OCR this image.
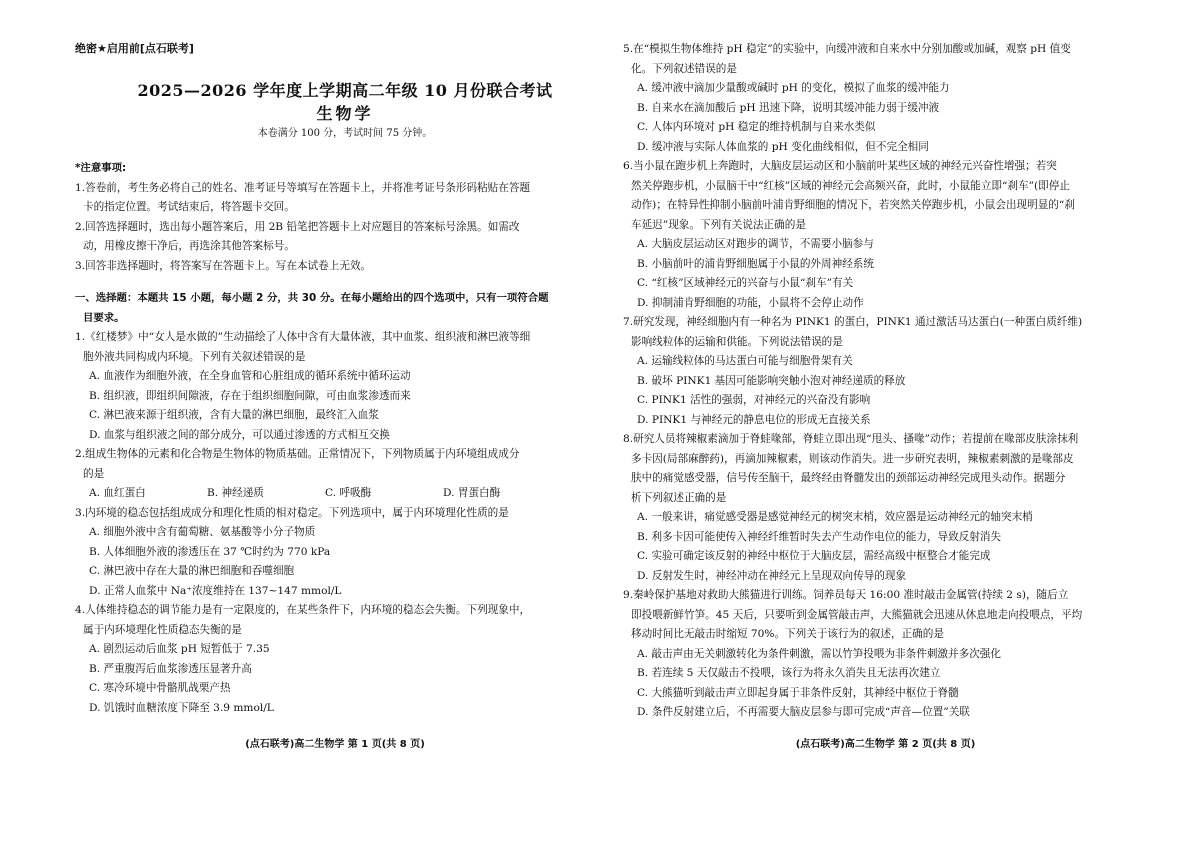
绝密★启用前[点石联考]
2025—2026 学年度上学期高二年级 10 月份联合考试
生物学

本卷满分 100 分，考试时间 75 分钟。

*注意事项:

1.答卷前，考生务必将自己的姓名、准考证号等填写在答题卡上，并将准考证号条形码粘贴在答题

卡的指定位置。考试结束后，将答题卡交回。

2.回答选择题时，选出每小题答案后，用 2B 铅笔把答题卡上对应题目的答案标号涂黑。如需改

动，用橡皮擦干净后，再选涂其他答案标号。

3.回答非选择题时，将答案写在答题卡上。写在本试卷上无效。

一、选择题：本题共 15 小题，每小题 2 分，共 30 分。在每小题给出的四个选项中，只有一项符合题

目要求。

1.《红楼梦》中“女人是水做的”生动描绘了人体中含有大量体液，其中血浆、组织液和淋巴液等细

胞外液共同构成内环境。下列有关叙述错误的是

A. 血液作为细胞外液，在全身血管和心脏组成的循环系统中循环运动

B. 组织液，即组织间隙液，存在于组织细胞间隙，可由血浆渗透而来

C. 淋巴液来源于组织液，含有大量的淋巴细胞，最终汇入血浆

D. 血浆与组织液之间的部分成分，可以通过渗透的方式相互交换

2.组成生物体的元素和化合物是生物体的物质基础。正常情况下，下列物质属于内环境组成成分

的是

A. 血红蛋白	B. 神经递质	C. 呼吸酶	D. 胃蛋白酶

3.内环境的稳态包括组成成分和理化性质的相对稳定。下列选项中，属于内环境理化性质的是

A. 细胞外液中含有葡萄糖、氨基酸等小分子物质

B. 人体细胞外液的渗透压在 37 ℃时约为 770 kPa

C. 淋巴液中存在大量的淋巴细胞和吞噬细胞

D. 正常人血浆中 Na⁺浓度维持在 137~147 mmol/L

4.人体维持稳态的调节能力是有一定限度的，在某些条件下，内环境的稳态会失衡。下列现象中，

属于内环境理化性质稳态失衡的是

A. 剧烈运动后血浆 pH 短暂低于 7.35

B. 严重腹泻后血浆渗透压显著升高

C. 寒冷环境中骨骼肌战栗产热

D. 饥饿时血糖浓度下降至 3.9 mmol/L

(点石联考)高二生物学 第 1 页(共 8 页)

5.在“模拟生物体维持 pH 稳定”的实验中，向缓冲液和自来水中分别加酸或加碱，观察 pH 值变

化。下列叙述错误的是

A. 缓冲液中滴加少量酸或碱时 pH 的变化，模拟了血浆的缓冲能力

B. 自来水在滴加酸后 pH 迅速下降，说明其缓冲能力弱于缓冲液

C. 人体内环境对 pH 稳定的维持机制与自来水类似

D. 缓冲液与实际人体血浆的 pH 变化曲线相似，但不完全相同

6.当小鼠在跑步机上奔跑时，大脑皮层运动区和小脑前叶某些区域的神经元兴奋性增强；若突

然关停跑步机，小鼠脑干中“红核”区域的神经元会高频兴奋，此时，小鼠能立即“刹车”(即停止

动作)；在特异性抑制小脑前叶浦肯野细胞的情况下，若突然关停跑步机，小鼠会出现明显的“刹

车延迟”现象。下列有关说法正确的是

A. 大脑皮层运动区对跑步的调节，不需要小脑参与

B. 小脑前叶的浦肯野细胞属于小鼠的外周神经系统

C. “红核”区域神经元的兴奋与小鼠“刹车”有关

D. 抑制浦肯野细胞的功能，小鼠将不会停止动作

7.研究发现，神经细胞内有一种名为 PINK1 的蛋白，PINK1 通过激活马达蛋白(一种蛋白质纤维)

影响线粒体的运输和供能。下列说法错误的是

A. 运输线粒体的马达蛋白可能与细胞骨架有关

B. 破坏 PINK1 基因可能影响突触小泡对神经递质的释放

C. PINK1 活性的强弱，对神经元的兴奋没有影响

D. PINK1 与神经元的静息电位的形成无直接关系

8.研究人员将辣椒素滴加于脊蛙喙部，脊蛙立即出现“甩头、搔喙”动作；若提前在喙部皮肤涂抹利

多卡因(局部麻醉药)，再滴加辣椒素，则该动作消失。进一步研究表明，辣椒素刺激的是喙部皮

肤中的痛觉感受器，信号传至脑干，最终经由脊髓发出的颈部运动神经完成甩头动作。据题分

析下列叙述正确的是

A. 一般来讲，痛觉感受器是感觉神经元的树突末梢，效应器是运动神经元的轴突末梢

B. 利多卡因可能使传入神经纤维暂时失去产生动作电位的能力，导致反射消失

C. 实验可确定该反射的神经中枢位于大脑皮层，需经高级中枢整合才能完成

D. 反射发生时，神经冲动在神经元上呈现双向传导的现象

9.秦岭保护基地对救助大熊猫进行训练。饲养员每天 16:00 准时敲击金属管(持续 2 s)，随后立

即投喂新鲜竹笋。45 天后，只要听到金属管敲击声，大熊猫就会迅速从休息地走向投喂点，平均

移动时间比无敲击时缩短 70%。下列关于该行为的叙述，正确的是

A. 敲击声由无关刺激转化为条件刺激，需以竹笋投喂为非条件刺激并多次强化

B. 若连续 5 天仅敲击不投喂，该行为将永久消失且无法再次建立

C. 大熊猫听到敲击声立即起身属于非条件反射，其神经中枢位于脊髓

D. 条件反射建立后，不再需要大脑皮层参与即可完成“声音—位置”关联

(点石联考)高二生物学 第 2 页(共 8 页)
